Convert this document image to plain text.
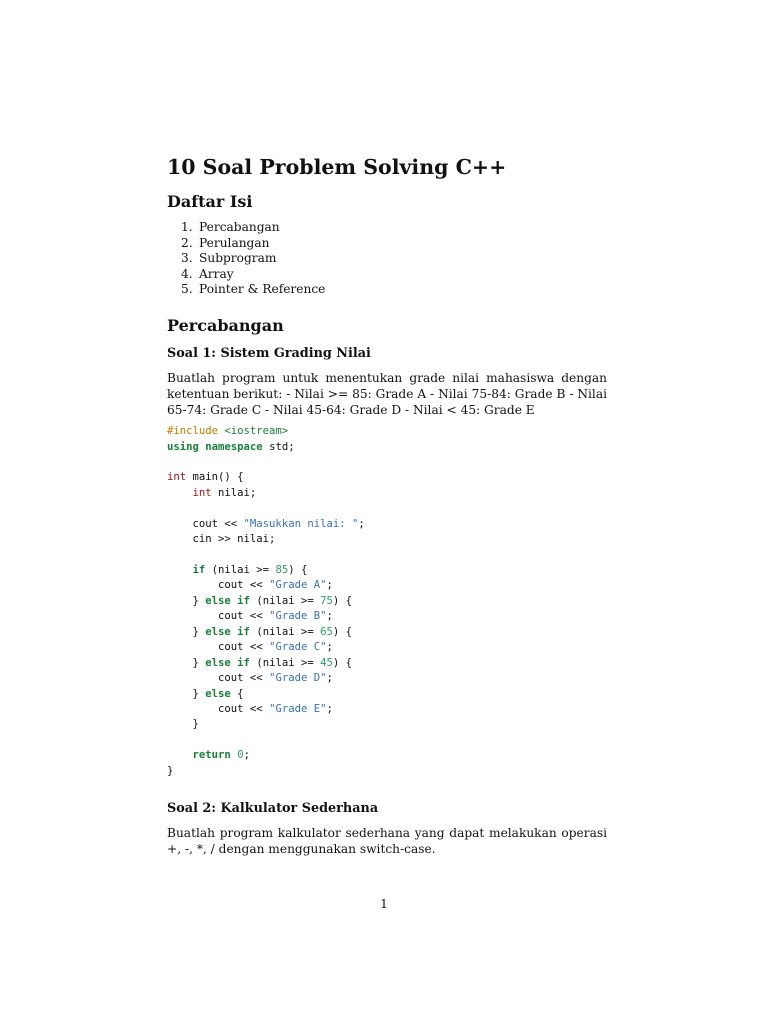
10 Soal Problem Solving C++
Daftar Isi
1. Percabangan
2. Perulangan
3. Subprogram
4. Array
5. Pointer & Reference
Percabangan
Soal 1: Sistem Grading Nilai

Buatlah program untuk menentukan grade nilai mahasiswa dengan ketentuan berikut: - Nilai >= 85: Grade A - Nilai 75-84: Grade B - Nilai 65-74: Grade C - Nilai 45-64: Grade D - Nilai < 45: Grade E

#include <iostream>
using namespace std;

int main() {
int nilai;

cout << "Masukkan nilai: ";
cin >> nilai;

if (nilai >= 85) {
cout << "Grade A";
} else if (nilai >= 75) {
cout << "Grade B";
} else if (nilai >= 65) {
cout << "Grade C";
} else if (nilai >= 45) {
cout << "Grade D";
} else {
cout << "Grade E";
}

return 0;
}
Soal 2: Kalkulator Sederhana

Buatlah program kalkulator sederhana yang dapat melakukan operasi +, -, *, / dengan menggunakan switch-case.

1
